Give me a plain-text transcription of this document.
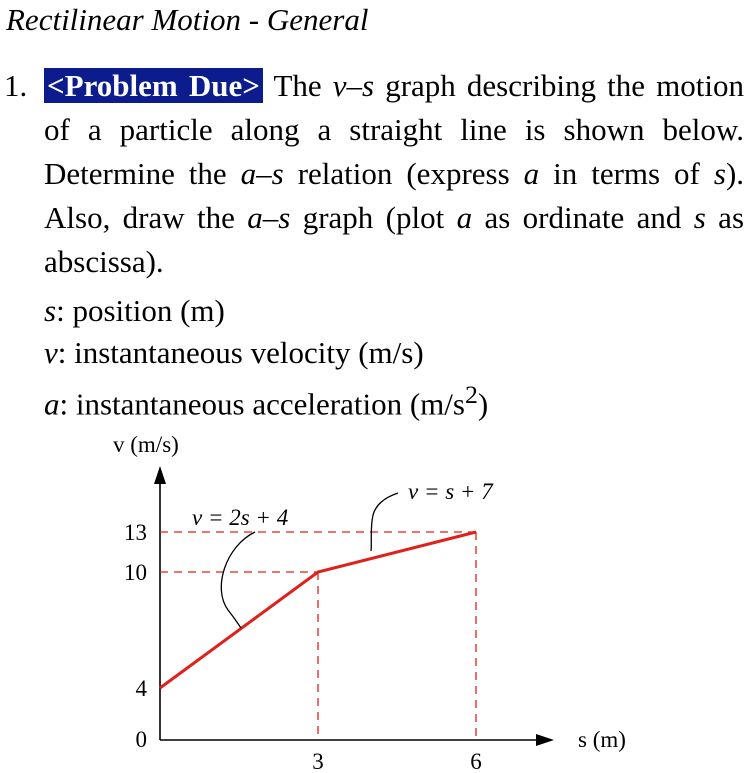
Rectilinear Motion - General
1. <Problem Due> The v–s graph describing the motion of a particle along a straight line is shown below. Determine the a–s relation (express a in terms of s). Also, draw the a–s graph (plot a as ordinate and s as abscissa).
s: position (m)
v: instantaneous velocity (m/s)
a: instantaneous acceleration $(m/s^2)$
v (m/s)
s (m)
13
10
4
0
3	6
v = 2s + 4
v = s + 7
